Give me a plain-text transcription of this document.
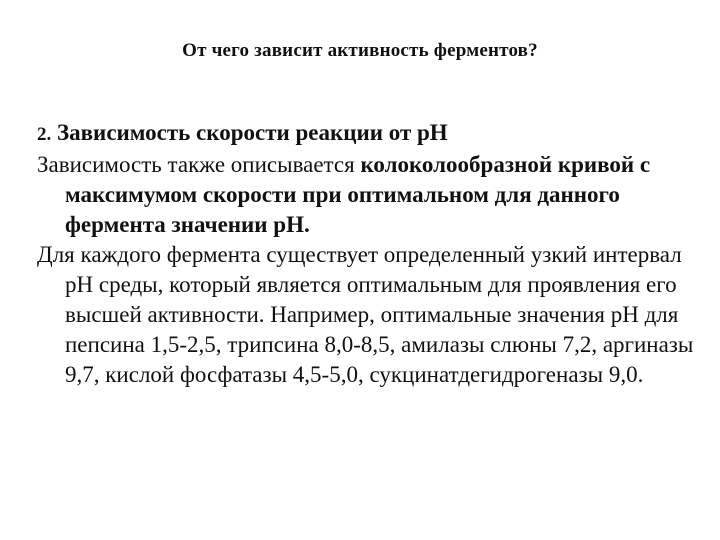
От чего зависит активность ферментов?

2. Зависимость скорости реакции от рН

Зависимость также описывается колоколообразной кривой с максимумом скорости при оптимальном для данного фермента значении рН.

Для каждого фермента существует определенный узкий интервал рН среды, который является оптимальным для проявления его высшей активности. Например, оптимальные значения рН для пепсина 1,5-2,5, трипсина 8,0-8,5, амилазы слюны 7,2, аргиназы 9,7, кислой фосфатазы 4,5-5,0, сукцинатдегидрогеназы 9,0.
